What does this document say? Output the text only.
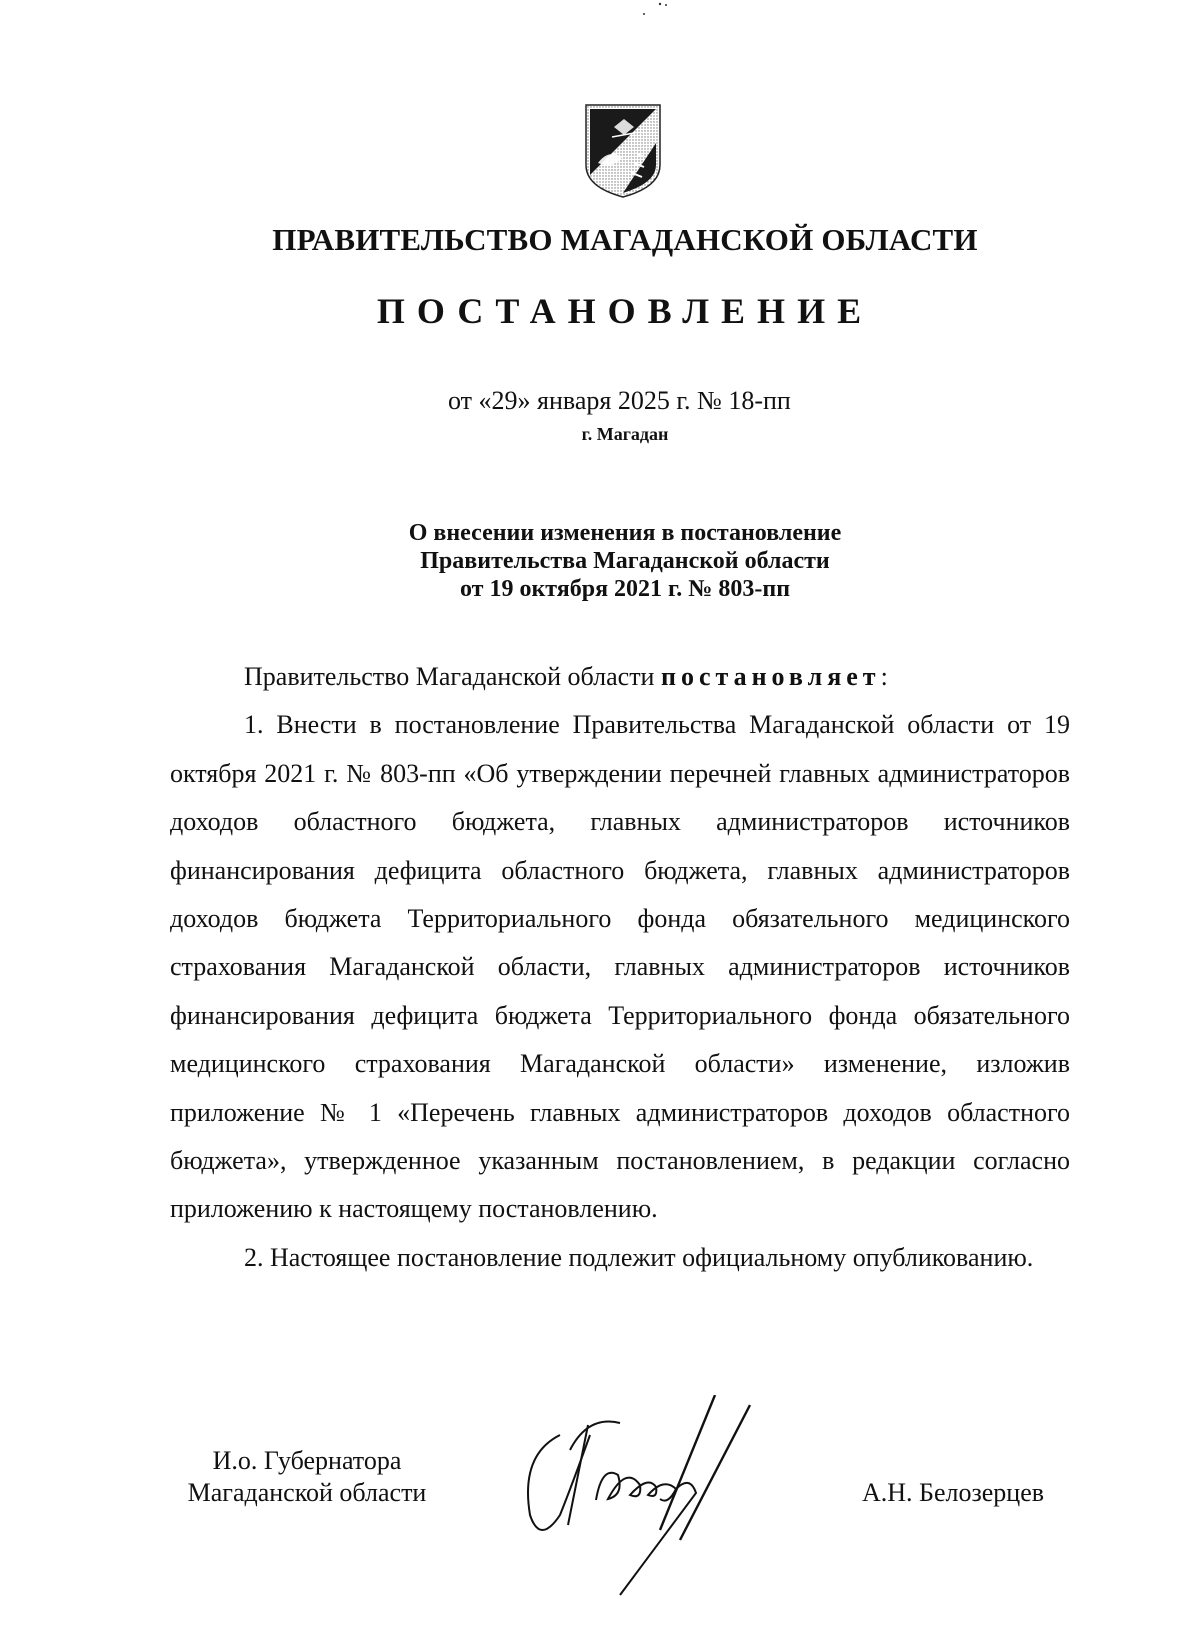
ПРАВИТЕЛЬСТВО МАГАДАНСКОЙ ОБЛАСТИ
ПОСТАНОВЛЕНИЕ
от «29» января 2025 г. № 18-пп
г. Магадан
О внесении изменения в постановление
Правительства Магаданской области
от 19 октября 2021 г. № 803-пп

Правительство Магаданской области постановляет:

1. Внести в постановление Правительства Магаданской области от 19 октября 2021 г. № 803-пп «Об утверждении перечней главных администраторов доходов областного бюджета, главных администраторов источников финансирования дефицита областного бюджета, главных администраторов доходов бюджета Территориального фонда обязательного медицинского страхования Магаданской области, главных администраторов источников финансирования дефицита бюджета Территориального фонда обязательного медицинского страхования Магаданской области» изменение, изложив приложение № 1 «Перечень главных администраторов доходов областного бюджета», утвержденное указанным постановлением, в редакции согласно приложению к настоящему постановлению.

2. Настоящее постановление подлежит официальному опубликованию.

И.о. Губернатора
Магаданской области	А.Н. Белозерцев
